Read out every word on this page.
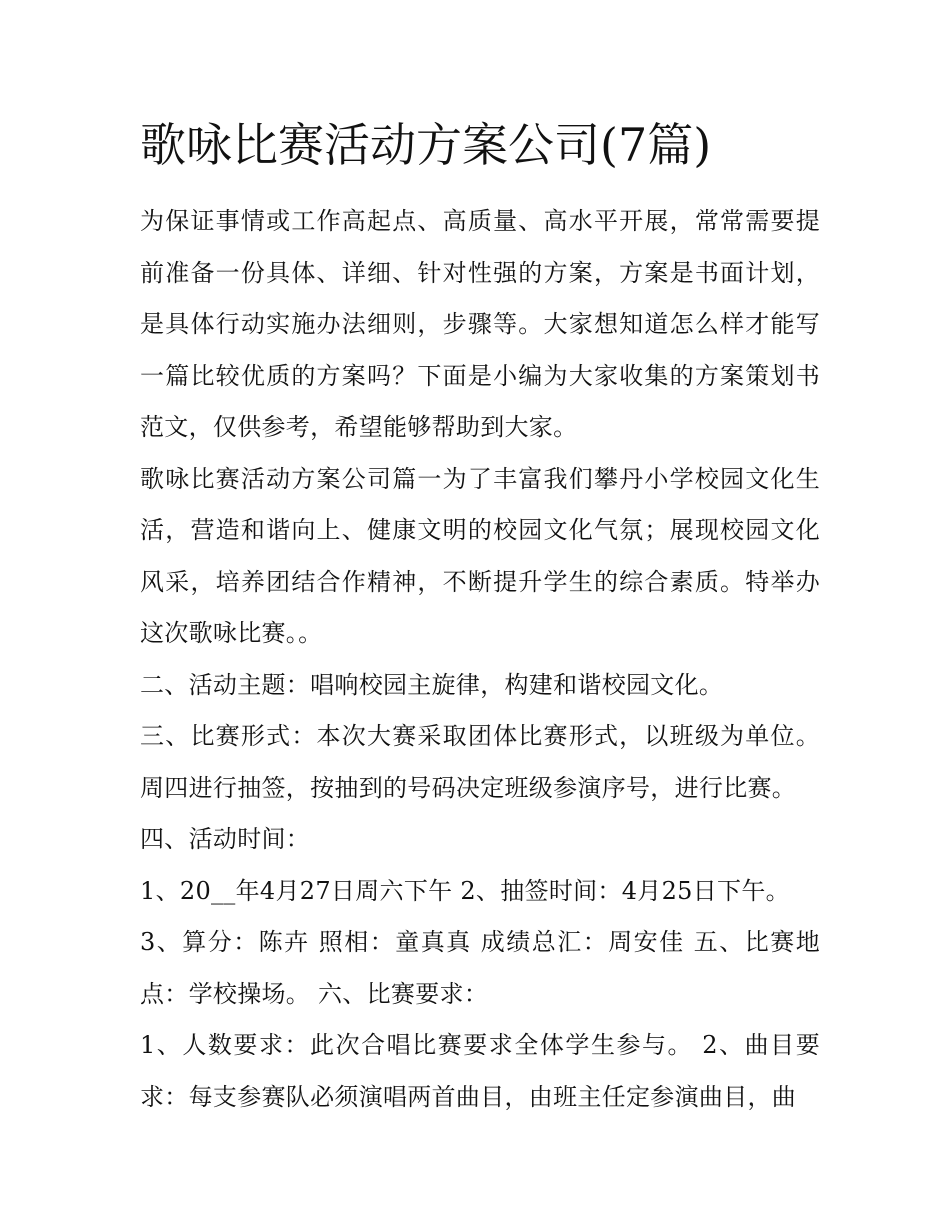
歌咏比赛活动方案公司(7篇)

为保证事情或工作高起点、高质量、高水平开展，常常需要提前准备一份具体、详细、针对性强的方案，方案是书面计划，是具体行动实施办法细则，步骤等。大家想知道怎么样才能写一篇比较优质的方案吗？下面是小编为大家收集的方案策划书范文，仅供参考，希望能够帮助到大家。

歌咏比赛活动方案公司篇一为了丰富我们攀丹小学校园文化生活，营造和谐向上、健康文明的校园文化气氛；展现校园文化风采，培养团结合作精神，不断提升学生的综合素质。特举办这次歌咏比赛。。

二、活动主题：唱响校园主旋律，构建和谐校园文化。

三、比赛形式：本次大赛采取团体比赛形式，以班级为单位。周四进行抽签，按抽到的号码决定班级参演序号，进行比赛。

四、活动时间：

1、20__年4月27日周六下午 2、抽签时间：4月25日下午。

3、算分：陈卉 照相：童真真 成绩总汇：周安佳 五、比赛地点：学校操场。 六、比赛要求：

1、人数要求：此次合唱比赛要求全体学生参与。 2、曲目要求：每支参赛队必须演唱两首曲目，由班主任定参演曲目，曲
